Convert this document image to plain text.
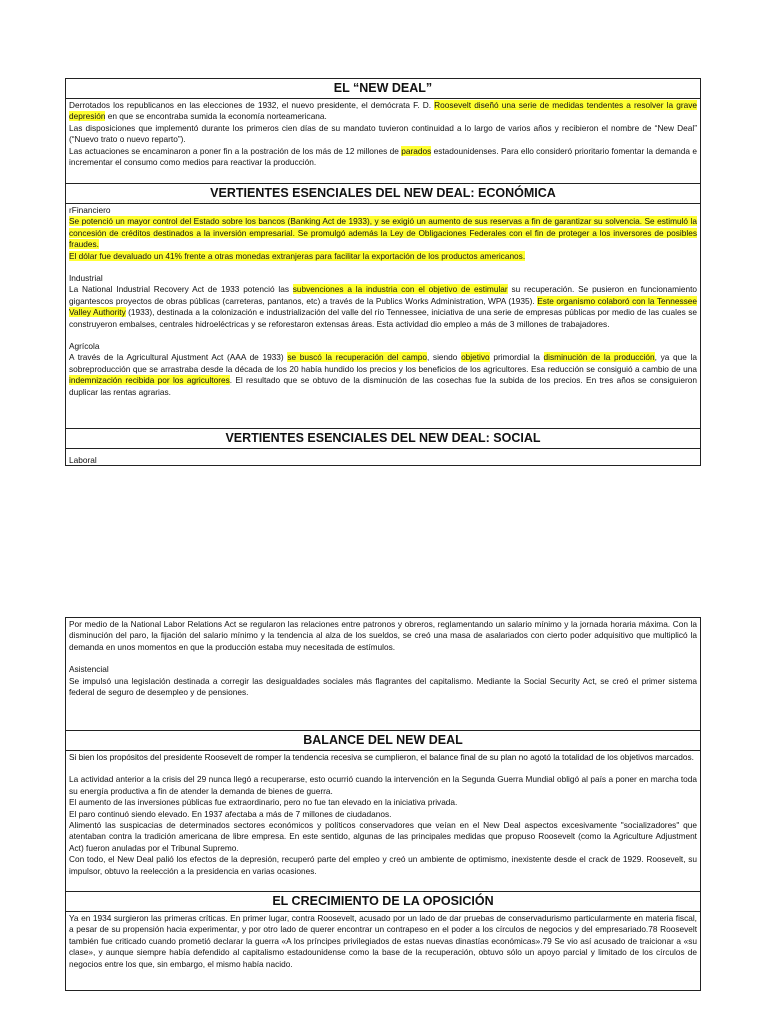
EL “NEW DEAL”

Derrotados los republicanos en las elecciones de 1932, el nuevo presidente, el demócrata F. D. Roosevelt diseñó una serie de medidas tendentes a resolver la grave depresión en que se encontraba sumida la economía norteamericana.

Las disposiciones que implementó durante los primeros cien días de su mandato tuvieron continuidad a lo largo de varios años y recibieron el nombre de “New Deal” (“Nuevo trato o nuevo reparto”).

Las actuaciones se encaminaron a poner fin a la postración de los más de 12 millones de parados estadounidenses. Para ello consideró prioritario fomentar la demanda e incrementar el consumo como medios para reactivar la producción.

VERTIENTES ESENCIALES DEL NEW DEAL: ECONÓMICA

rFinanciero

Se potenció un mayor control del Estado sobre los bancos (Banking Act de 1933), y se exigió un aumento de sus reservas a fin de garantizar su solvencia. Se estimuló la concesión de créditos destinados a la inversión empresarial. Se promulgó además la Ley de Obligaciones Federales con el fin de proteger a los inversores de posibles fraudes.

El dólar fue devaluado un 41% frente a otras monedas extranjeras para facilitar la exportación de los productos americanos.

Industrial

La National Industrial Recovery Act de 1933 potenció las subvenciones a la industria con el objetivo de estimular su recuperación. Se pusieron en funcionamiento gigantescos proyectos de obras públicas (carreteras, pantanos, etc) a través de la Publics Works Administration, WPA (1935). Este organismo colaboró con la Tennessee Valley Authority (1933), destinada a la colonización e industrialización del valle del río Tennessee, iniciativa de una serie de empresas públicas por medio de las cuales se construyeron embalses, centrales hidroeléctricas y se reforestaron extensas áreas. Esta actividad dio empleo a más de 3 millones de trabajadores.

Agrícola

A través de la Agricultural Ajustment Act (AAA de 1933) se buscó la recuperación del campo, siendo objetivo primordial la disminución de la producción, ya que la sobreproducción que se arrastraba desde la década de los 20 había hundido los precios y los beneficios de los agricultores. Esa reducción se consiguió a cambio de una indemnización recibida por los agricultores. El resultado que se obtuvo de la disminución de las cosechas fue la subida de los precios. En tres años se consiguieron duplicar las rentas agrarias.

VERTIENTES ESENCIALES DEL NEW DEAL: SOCIAL

Laboral

Por medio de la National Labor Relations Act se regularon las relaciones entre patronos y obreros, reglamentando un salario mínimo y la jornada horaria máxima. Con la disminución del paro, la fijación del salario mínimo y la tendencia al alza de los sueldos, se creó una masa de asalariados con cierto poder adquisitivo que multiplicó la demanda en unos momentos en que la producción estaba muy necesitada de estímulos.

Asistencial

Se impulsó una legislación destinada a corregir las desigualdades sociales más flagrantes del capitalismo. Mediante la Social Security Act, se creó el primer sistema federal de seguro de desempleo y de pensiones.

BALANCE DEL NEW DEAL

Si bien los propósitos del presidente Roosevelt de romper la tendencia recesiva se cumplieron, el balance final de su plan no agotó la totalidad de los objetivos marcados.

La actividad anterior a la crisis del 29 nunca llegó a recuperarse, esto ocurrió cuando la intervención en la Segunda Guerra Mundial obligó al país a poner en marcha toda su energía productiva a fin de atender la demanda de bienes de guerra.

El aumento de las inversiones públicas fue extraordinario, pero no fue tan elevado en la iniciativa privada.

El paro continuó siendo elevado. En 1937 afectaba a más de 7 millones de ciudadanos.

Alimentó las suspicacias de determinados sectores económicos y políticos conservadores que veían en el New Deal aspectos excesivamente "socializadores" que atentaban contra la tradición americana de libre empresa. En este sentido, algunas de las principales medidas que propuso Roosevelt (como la Agriculture Adjustment Act) fueron anuladas por el Tribunal Supremo.

Con todo, el New Deal palió los efectos de la depresión, recuperó parte del empleo y creó un ambiente de optimismo, inexistente desde el crack de 1929. Roosevelt, su impulsor, obtuvo la reelección a la presidencia en varias ocasiones.

EL CRECIMIENTO DE LA OPOSICIÓN

Ya en 1934 surgieron las primeras críticas. En primer lugar, contra Roosevelt, acusado por un lado de dar pruebas de conservadurismo particularmente en materia fiscal, a pesar de su propensión hacia experimentar, y por otro lado de querer encontrar un contrapeso en el poder a los círculos de negocios y del empresariado.78 Roosevelt también fue criticado cuando prometió declarar la guerra «A los príncipes privilegiados de estas nuevas dinastías económicas».79 Se vio así acusado de traicionar a «su clase», y aunque siempre había defendido al capitalismo estadounidense como la base de la recuperación, obtuvo sólo un apoyo parcial y limitado de los círculos de negocios entre los que, sin embargo, el mismo había nacido.
